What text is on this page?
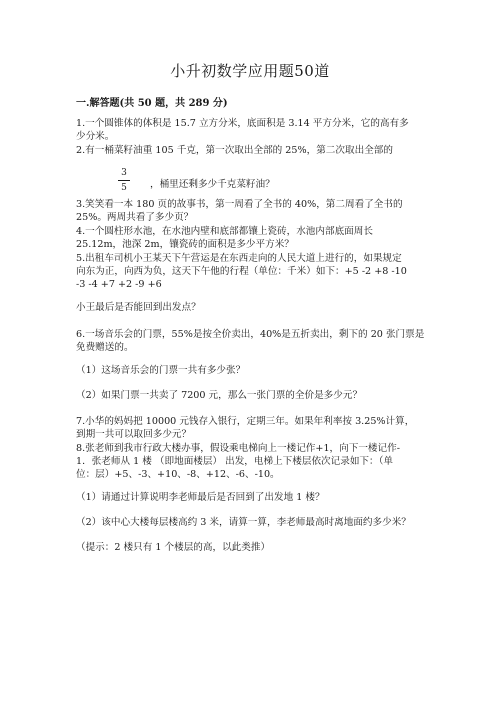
小升初数学应用题50道
一.解答题(共 50 题，共 289 分)
1.一个圆锥体的体积是 15.7 立方分米，底面积是 3.14 平方分米，它的高有多
少分米。
2.有一桶菜籽油重 105 千克，第一次取出全部的 25%，第二次取出全部的
3
5	，桶里还剩多少千克菜籽油？
3.笑笑看一本 180 页的故事书，第一周看了全书的 40%，第二周看了全书的
25%。两周共看了多少页？
4.一个圆柱形水池，在水池内壁和底部都镶上瓷砖，水池内部底面周长
25.12m，池深 2m，镶瓷砖的面积是多少平方米？
5.出租车司机小王某天下午营运是在东西走向的人民大道上进行的，如果规定
向东为正，向西为负，这天下午他的行程（单位：千米）如下：+5 -2 +8 -10
-3 -4 +7 +2 -9 +6
小王最后是否能回到出发点？
6.一场音乐会的门票，55%是按全价卖出，40%是五折卖出，剩下的 20 张门票是
免费赠送的。
（1）这场音乐会的门票一共有多少张？
（2）如果门票一共卖了 7200 元，那么一张门票的全价是多少元？
7.小华的妈妈把 10000 元钱存入银行，定期三年。如果年利率按 3.25%计算，
到期一共可以取回多少元？
8.张老师到我市行政大楼办事，假设乘电梯向上一楼记作+1，向下一楼记作-
1．张老师从 1 楼 （即地面楼层） 出发，电梯上下楼层依次记录如下：（单
位：层）+5、-3、+10、-8、+12、-6、-10。
（1）请通过计算说明李老师最后是否回到了出发地 1 楼？
（2）该中心大楼每层楼高约 3 米，请算一算，李老师最高时离地面约多少米？
（提示：2 楼只有 1 个楼层的高，以此类推）
